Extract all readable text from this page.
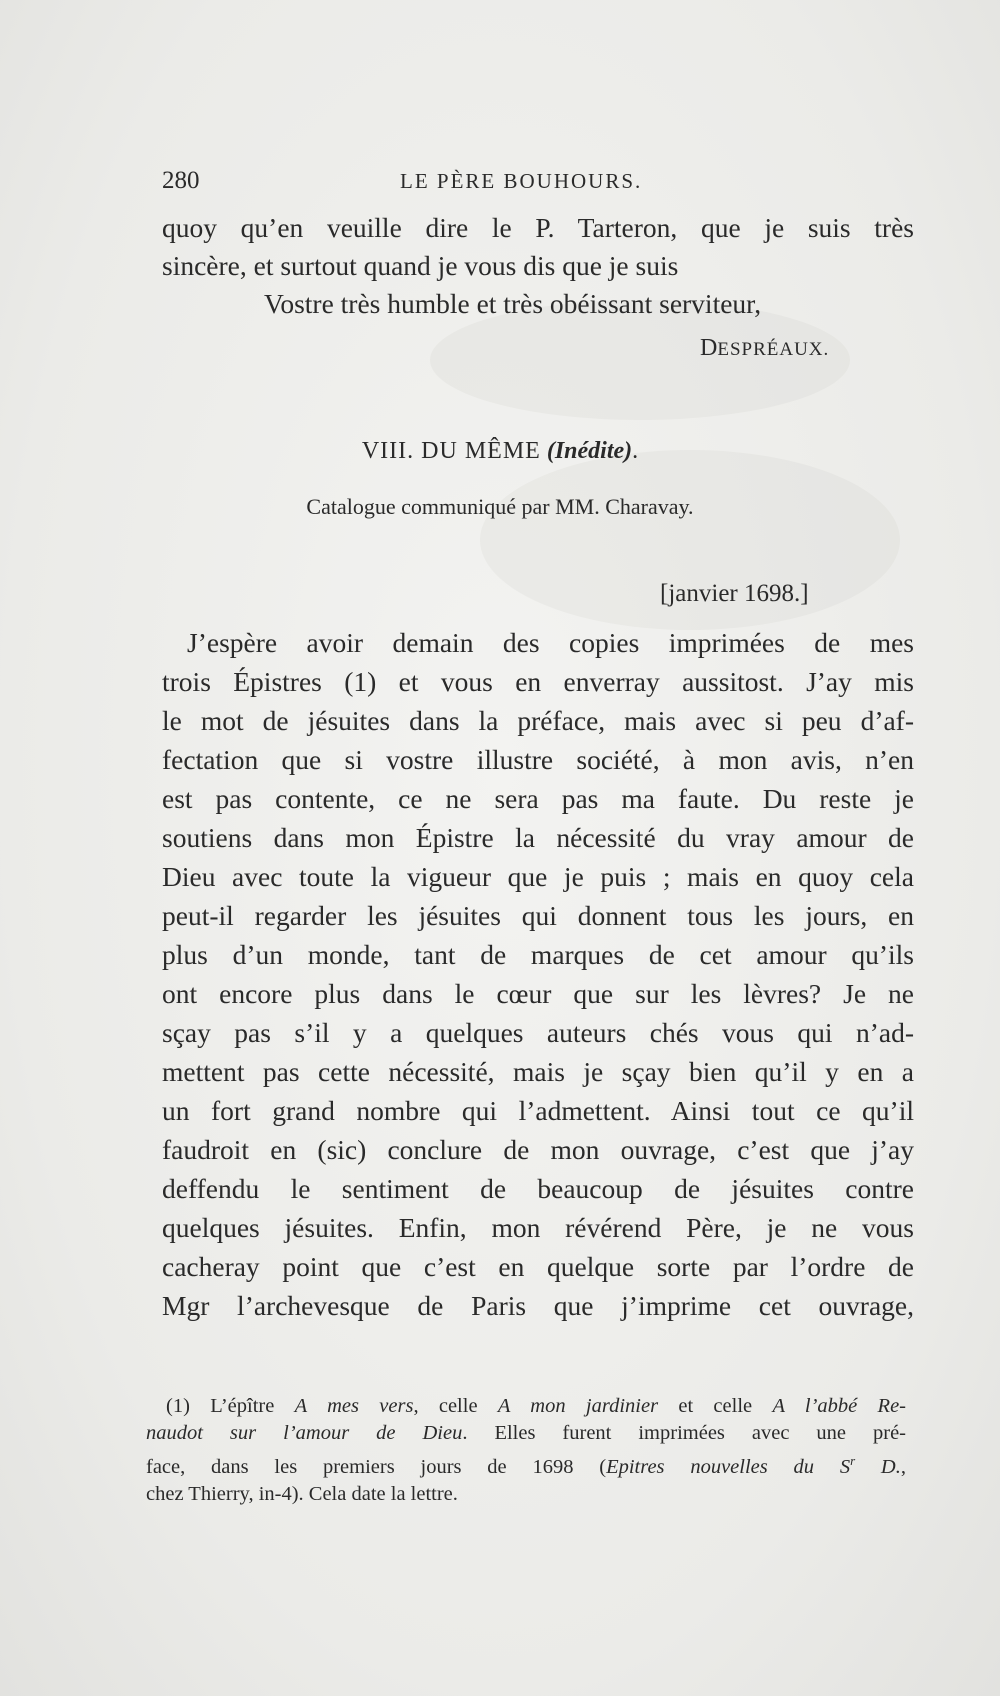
280	LE PÈRE BOUHOURS.
quoy qu’en veuille dire le P. Tarteron, que je suis très
sincère, et surtout quand je vous dis que je suis
Vostre très humble et très obéissant serviteur,
DESPRÉAUX.
VIII. DU MÊME (Inédite).
Catalogue communiqué par MM. Charavay.
[janvier 1698.]
J’espère avoir demain des copies imprimées de mes
trois Épistres (1) et vous en enverray aussitost. J’ay mis
le mot de jésuites dans la préface, mais avec si peu d’af-
fectation que si vostre illustre société, à mon avis, n’en
est pas contente, ce ne sera pas ma faute. Du reste je
soutiens dans mon Épistre la nécessité du vray amour de
Dieu avec toute la vigueur que je puis ; mais en quoy cela
peut-il regarder les jésuites qui donnent tous les jours, en
plus d’un monde, tant de marques de cet amour qu’ils
ont encore plus dans le cœur que sur les lèvres? Je ne
sçay pas s’il y a quelques auteurs chés vous qui n’ad-
mettent pas cette nécessité, mais je sçay bien qu’il y en a
un fort grand nombre qui l’admettent. Ainsi tout ce qu’il
faudroit en (sic) conclure de mon ouvrage, c’est que j’ay
deffendu le sentiment de beaucoup de jésuites contre
quelques jésuites. Enfin, mon révérend Père, je ne vous
cacheray point que c’est en quelque sorte par l’ordre de
Mgr l’archevesque de Paris que j’imprime cet ouvrage,
(1) L’épître A mes vers, celle A mon jardinier et celle A l’abbé Re-
naudot sur l’amour de Dieu. Elles furent imprimées avec une pré-
face, dans les premiers jours de 1698 (Epitres nouvelles du S$^r$ D.,
chez Thierry, in-4). Cela date la lettre.
